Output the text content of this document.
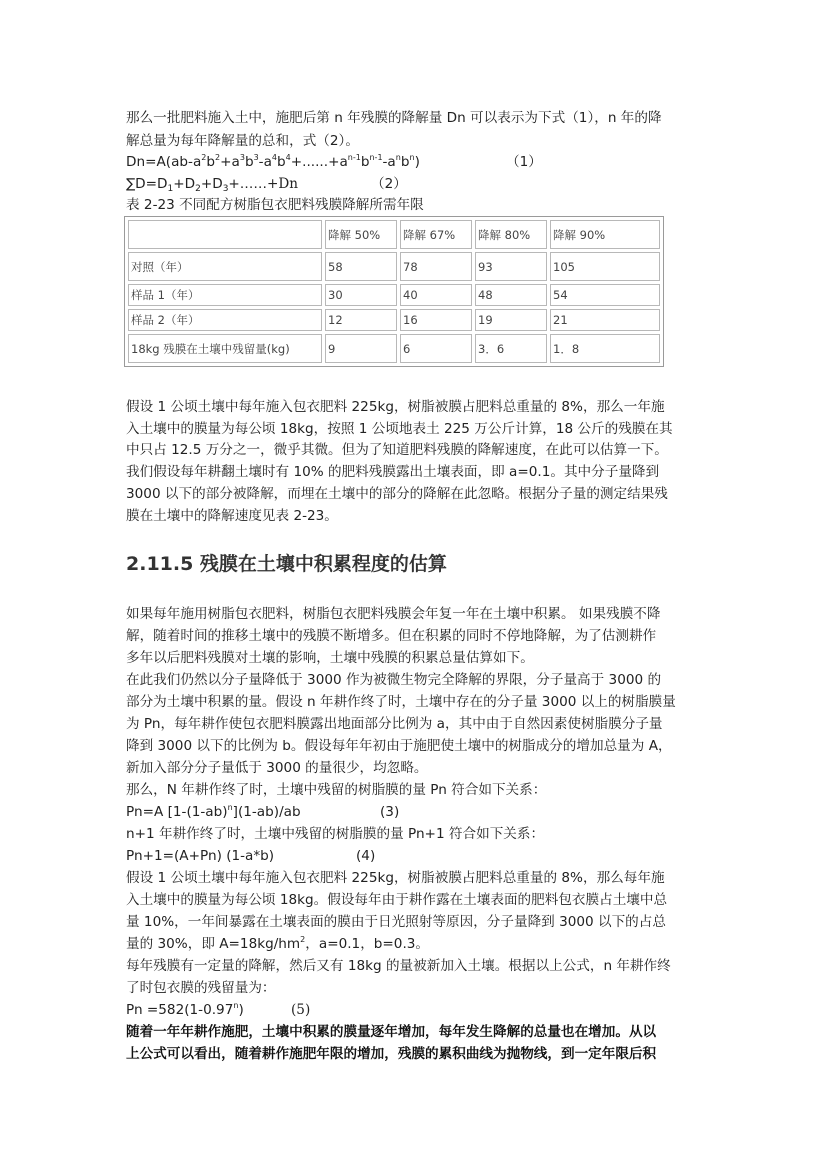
那么一批肥料施入土中，施肥后第 n 年残膜的降解量 Dn 可以表示为下式（1），n 年的降
解总量为每年降解量的总和，式（2）。
$Dn=A(ab-a^2b^2+a^3b^3-a^4b^4+......+a^{n-1}b^{n-1}-a^nb^n)$	（1）
$\sum D=D_1+D_2+D_3+\dots\dots+Dn$	（2）
表 2-23 不同配方树脂包衣肥料残膜降解所需年限
	降解 50%	降解 67%	降解 80%	降解 90%
对照（年）	58	78	93	105
样品 1（年）	30	40	48	54
样品 2（年）	12	16	19	21
18kg 残膜在土壤中残留量(kg)	9	6	3．6	1．8
假设 1 公顷土壤中每年施入包衣肥料 225kg，树脂被膜占肥料总重量的 8%，那么一年施
入土壤中的膜量为每公顷 18kg，按照 1 公顷地表土 225 万公斤计算，18 公斤的残膜在其
中只占 12.5 万分之一，微乎其微。但为了知道肥料残膜的降解速度，在此可以估算一下。
我们假设每年耕翻土壤时有 10% 的肥料残膜露出土壤表面，即 a=0.1。其中分子量降到
3000 以下的部分被降解，而埋在土壤中的部分的降解在此忽略。根据分子量的测定结果残
膜在土壤中的降解速度见表 2-23。
2.11.5 残膜在土壤中积累程度的估算
如果每年施用树脂包衣肥料，树脂包衣肥料残膜会年复一年在土壤中积累。 如果残膜不降
解，随着时间的推移土壤中的残膜不断增多。但在积累的同时不停地降解，为了估测耕作
多年以后肥料残膜对土壤的影响，土壤中残膜的积累总量估算如下。
在此我们仍然以分子量降低于 3000 作为被微生物完全降解的界限，分子量高于 3000 的
部分为土壤中积累的量。假设 n 年耕作终了时，土壤中存在的分子量 3000 以上的树脂膜量
为 Pn，每年耕作使包衣肥料膜露出地面部分比例为 a，其中由于自然因素使树脂膜分子量
降到 3000 以下的比例为 b。假设每年年初由于施肥使土壤中的树脂成分的增加总量为 A，
新加入部分分子量低于 3000 的量很少，均忽略。
那么，N 年耕作终了时，土壤中残留的树脂膜的量 Pn 符合如下关系：
Pn=A $[1-(1-ab)^n](1-ab)/ab$	(3)
n+1 年耕作终了时，土壤中残留的树脂膜的量 Pn+1 符合如下关系：
Pn+1=(A+Pn) (1-a*b)	(4)
假设 1 公顷土壤中每年施入包衣肥料 225kg，树脂被膜占肥料总重量的 8%，那么每年施
入土壤中的膜量为每公顷 18kg。假设每年由于耕作露在土壤表面的肥料包衣膜占土壤中总
量 10%，一年间暴露在土壤表面的膜由于日光照射等原因，分子量降到 3000 以下的占总
量的 30%，即 $A=18kg/hm^2$，a=0.1，b=0.3。
每年残膜有一定量的降解，然后又有 18kg 的量被新加入土壤。根据以上公式，n 年耕作终
了时包衣膜的残留量为：
$Pn =582(1-0.97^n)$	(5)
随着一年年耕作施肥，土壤中积累的膜量逐年增加，每年发生降解的总量也在增加。从以
上公式可以看出，随着耕作施肥年限的增加，残膜的累积曲线为抛物线，到一定年限后积
